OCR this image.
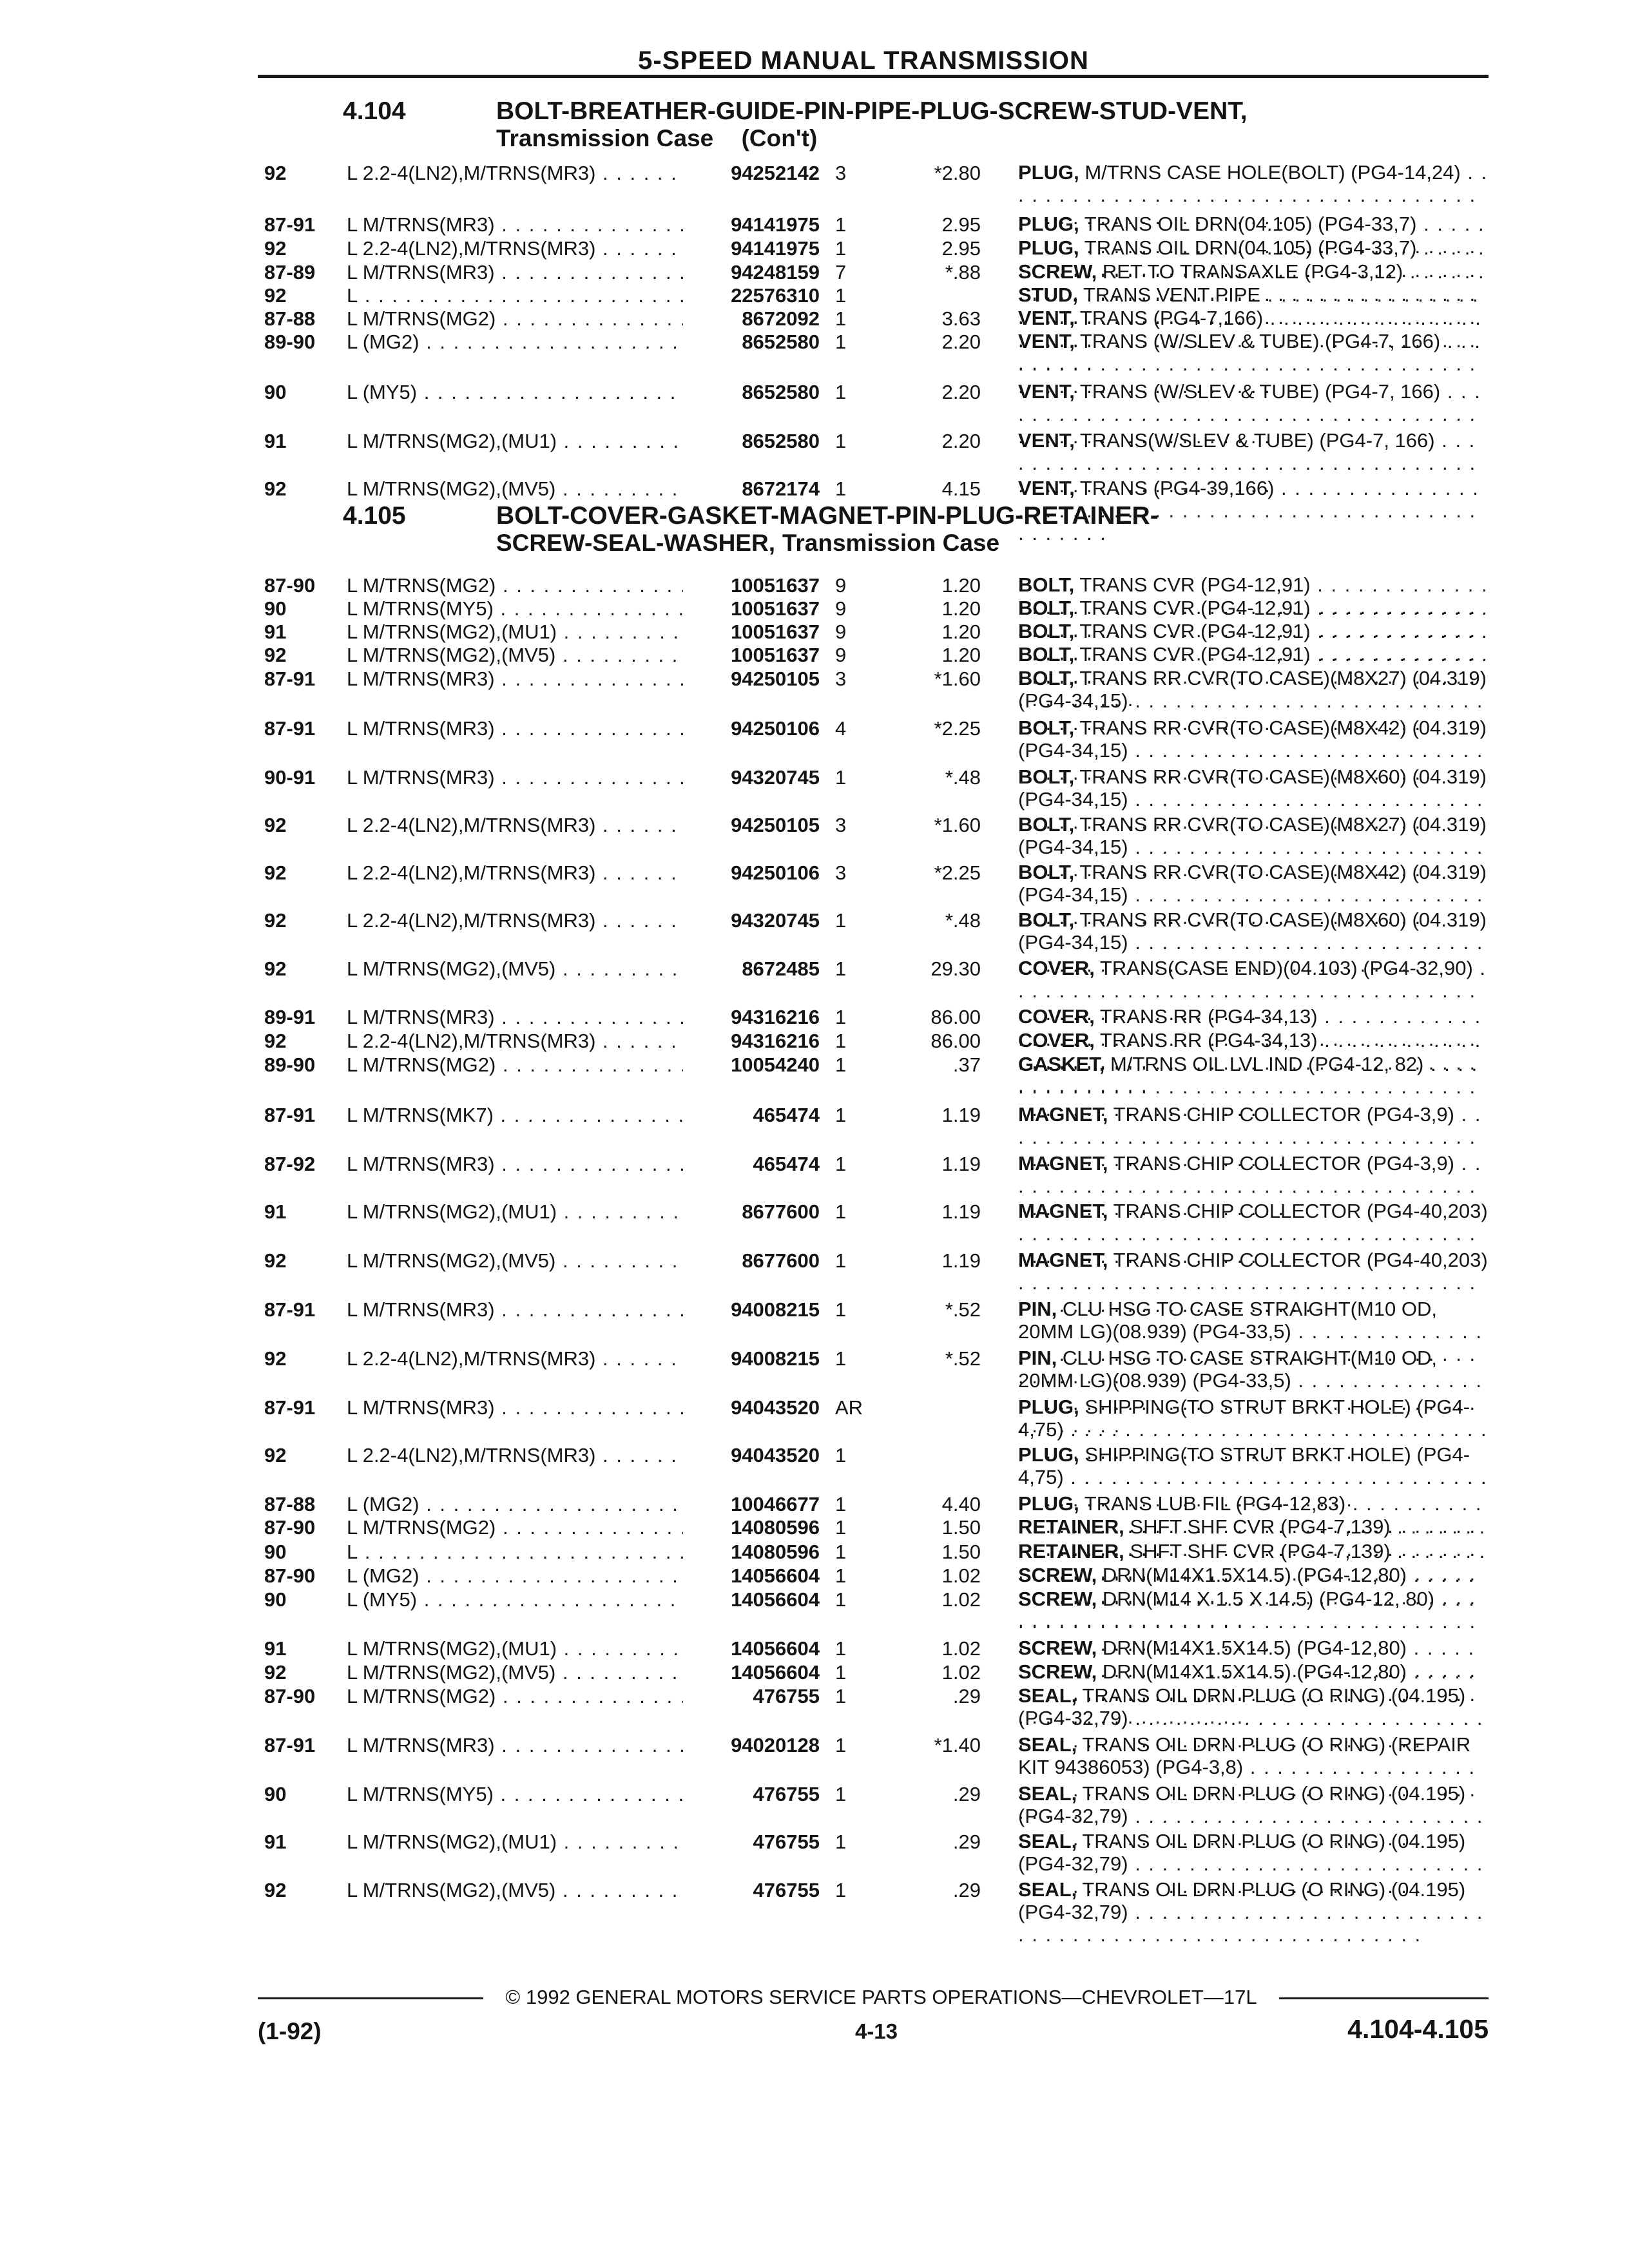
5-SPEED MANUAL TRANSMISSION
4.104	BOLT-BREATHER-GUIDE-PIN-PIPE-PLUG-SCREW-STUD-VENT,
Transmission Case (Con't)
4.105	BOLT-COVER-GASKET-MAGNET-PIN-PLUG-RETAINER-
SCREW-SEAL-WASHER, Transmission Case
92	L 2.2-4(LN2),M/TRNS(MR3) . . .	94252142 3	*2.80 PLUG, M/TRNS CASE HOLE(BOLT) (PG4-14,24) . . .
87-91	L M/TRNS(MR3) . . .	94141975 1	2.95 PLUG, TRANS OIL DRN(04.105) (PG4-33,7) . . .
92	L 2.2-4(LN2),M/TRNS(MR3) . . .	94141975 1	2.95 PLUG, TRANS OIL DRN(04.105) (PG4-33,7) . . .
87-89	L M/TRNS(MR3) . . .	94248159 7	*.88 SCREW, RET TO TRANSAXLE (PG4-3,12) . . .
92	L . . .	22576310 1	STUD, TRANS VENT PIPE . . .
87-88	L M/TRNS(MG2) . . .	8672092 1	3.63 VENT, TRANS (PG4-7,166) . . .
89-90	L (MG2) . . .	8652580 1	2.20 VENT, TRANS (W/SLEV & TUBE) (PG4-7, 166) . . .
90	L (MY5) . . .	8652580 1	2.20 VENT, TRANS (W/SLEV & TUBE) (PG4-7, 166) . . .
91	L M/TRNS(MG2),(MU1) . . .	8652580 1	2.20 VENT, TRANS(W/SLEV & TUBE) (PG4-7, 166) . . .
92	L M/TRNS(MG2),(MV5) . . .	8672174 1	4.15 VENT, TRANS (PG4-39,166) . . .
87-90	L M/TRNS(MG2) . . .	10051637 9	1.20 BOLT, TRANS CVR (PG4-12,91) . . .
90	L M/TRNS(MY5) . . .	10051637 9	1.20 BOLT, TRANS CVR (PG4-12,91) . . .
91	L M/TRNS(MG2),(MU1) . . .	10051637 9	1.20 BOLT, TRANS CVR (PG4-12,91) . . .
92	L M/TRNS(MG2),(MV5) . . .	10051637 9	1.20 BOLT, TRANS CVR (PG4-12,91) . . .
87-91	L M/TRNS(MR3) . . .	94250105 3	*1.60 BOLT, TRANS RR CVR(TO CASE)(M8X27) (04.319) (PG4-34,15) . . .
87-91	L M/TRNS(MR3) . . .	94250106 4	*2.25 BOLT, TRANS RR CVR(TO CASE)(M8X42) (04.319) (PG4-34,15) . . .
90-91	L M/TRNS(MR3) . . .	94320745 1	*.48 BOLT, TRANS RR CVR(TO CASE)(M8X60) (04.319) (PG4-34,15) . . .
92	L 2.2-4(LN2),M/TRNS(MR3) . . .	94250105 3	*1.60 BOLT, TRANS RR CVR(TO CASE)(M8X27) (04.319) (PG4-34,15) . . .
92	L 2.2-4(LN2),M/TRNS(MR3) . . .	94250106 3	*2.25 BOLT, TRANS RR CVR(TO CASE)(M8X42) (04.319) (PG4-34,15) . . .
92	L 2.2-4(LN2),M/TRNS(MR3) . . .	94320745 1	*.48 BOLT, TRANS RR CVR(TO CASE)(M8X60) (04.319) (PG4-34,15) . . .
92	L M/TRNS(MG2),(MV5) . . .	8672485 1	29.30 COVER, TRANS(CASE END)(04.103) (PG4-32,90) . . .
89-91	L M/TRNS(MR3) . . .	94316216 1	86.00 COVER, TRANS RR (PG4-34,13) . . .
92	L 2.2-4(LN2),M/TRNS(MR3) . . .	94316216 1	86.00 COVER, TRANS RR (PG4-34,13) . . .
89-90	L M/TRNS(MG2) . . .	10054240 1	.37 GASKET, M/TRNS OIL LVL IND (PG4-12, 82) . . .
87-91	L M/TRNS(MK7) . . .	465474 1	1.19 MAGNET, TRANS CHIP COLLECTOR (PG4-3,9) . . .
87-92	L M/TRNS(MR3) . . .	465474 1	1.19 MAGNET, TRANS CHIP COLLECTOR (PG4-3,9) . . .
91	L M/TRNS(MG2),(MU1) . . .	8677600 1	1.19 MAGNET, TRANS CHIP COLLECTOR (PG4-40,203) . . .
92	L M/TRNS(MG2),(MV5) . . .	8677600 1	1.19 MAGNET, TRANS CHIP COLLECTOR (PG4-40,203) . . .
87-91	L M/TRNS(MR3) . . .	94008215 1	*.52 PIN, CLU HSG TO CASE STRAIGHT(M10 OD, 20MM LG)(08.939) (PG4-33,5) . . .
92	L 2.2-4(LN2),M/TRNS(MR3) . . .	94008215 1	*.52 PIN, CLU HSG TO CASE STRAIGHT(M10 OD, 20MM LG)(08.939) (PG4-33,5) . . .
87-91	L M/TRNS(MR3) . . .	94043520 AR	PLUG, SHIPPING(TO STRUT BRKT HOLE) (PG4-4,75) . . .
92	L 2.2-4(LN2),M/TRNS(MR3) . . .	94043520 1	PLUG, SHIPPING(TO STRUT BRKT HOLE) (PG4-4,75) . . .
87-88	L (MG2) . . .	10046677 1	4.40 PLUG, TRANS LUB FIL (PG4-12,83) . . .
87-90	L M/TRNS(MG2) . . .	14080596 1	1.50 RETAINER, SHFT SHF CVR (PG4-7,139) . . .
90	L . . .	14080596 1	1.50 RETAINER, SHFT SHF CVR (PG4-7,139) . . .
87-90	L (MG2) . . .	14056604 1	1.02 SCREW, DRN(M14X1.5X14.5) (PG4-12,80) . . .
90	L (MY5) . . .	14056604 1	1.02 SCREW, DRN(M14 X 1.5 X 14.5) (PG4-12, 80) . . .
91	L M/TRNS(MG2),(MU1) . . .	14056604 1	1.02 SCREW, DRN(M14X1.5X14.5) (PG4-12,80) . . .
92	L M/TRNS(MG2),(MV5) . . .	14056604 1	1.02 SCREW, DRN(M14X1.5X14.5) (PG4-12,80) . . .
87-90	L M/TRNS(MG2) . . .	476755 1	.29 SEAL, TRANS OIL DRN PLUG (O RING) (04.195) (PG4-32,79) . . .
87-91	L M/TRNS(MR3) . . .	94020128 1	*1.40 SEAL, TRANS OIL DRN PLUG (O RING) (REPAIR KIT 94386053) (PG4-3,8) . . .
90	L M/TRNS(MY5) . . .	476755 1	.29 SEAL, TRANS OIL DRN PLUG (O RING) (04.195) (PG4-32,79) . . .
91	L M/TRNS(MG2),(MU1) . . .	476755 1	.29 SEAL, TRANS OIL DRN PLUG (O RING) (04.195) (PG4-32,79) . . .
92	L M/TRNS(MG2),(MV5) . . .	476755 1	.29 SEAL, TRANS OIL DRN PLUG (O RING) (04.195) (PG4-32,79) . . .
© 1992 GENERAL MOTORS SERVICE PARTS OPERATIONS—CHEVROLET—17L
(1-92)	4-13	4.104-4.105
